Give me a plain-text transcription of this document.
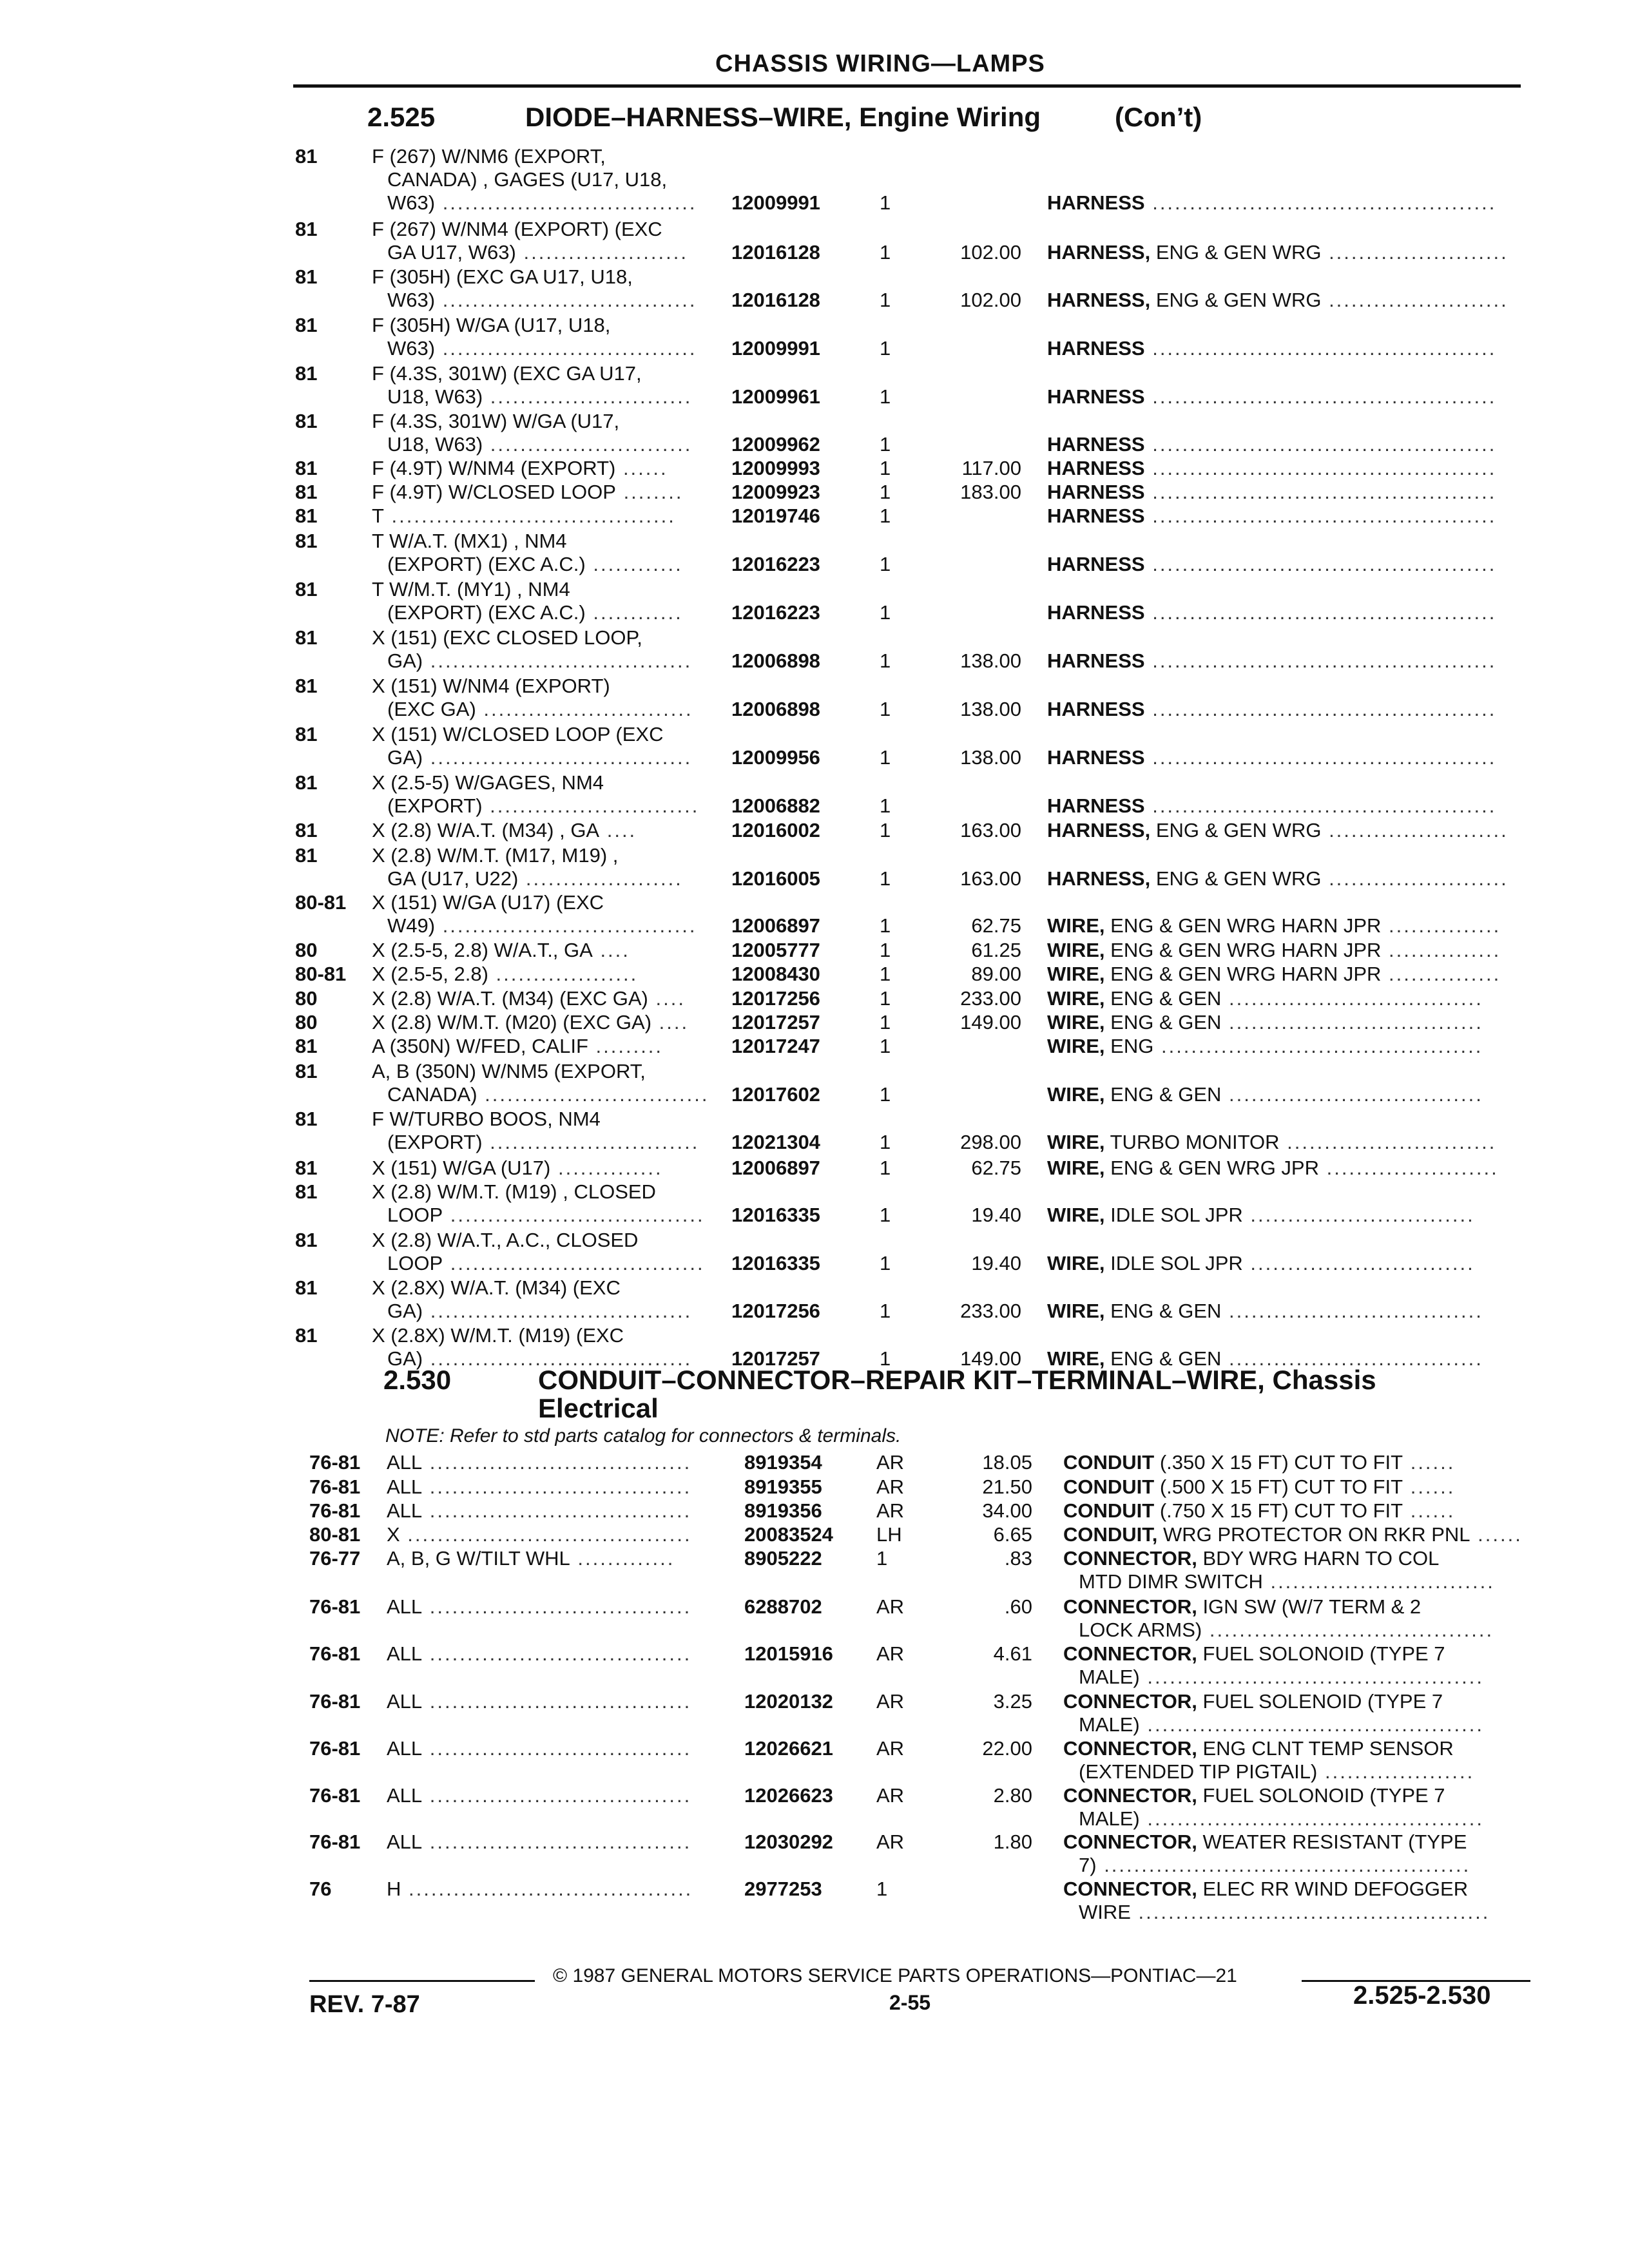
CHASSIS WIRING—LAMPS
2.525	DIODE–HARNESS–WIRE, Engine Wiring	(Con’t)
81	F (267) W/NM6 (EXPORT,
CANADA) , GAGES (U17, U18,
W63) .................................. 12009991	1	HARNESS ..............................................
81	F (267) W/NM4 (EXPORT) (EXC
GA U17, W63) ...................... 12016128	1	102.00 HARNESS, ENG & GEN WRG ........................
81	F (305H) (EXC GA U17, U18,
W63) .................................. 12016128	1	102.00 HARNESS, ENG & GEN WRG ........................
81	F (305H) W/GA (U17, U18,
W63) .................................. 12009991	1	HARNESS ..............................................
81	F (4.3S, 301W) (EXC GA U17,
U18, W63) ........................... 12009961	1	HARNESS ..............................................
81	F (4.3S, 301W) W/GA (U17,
U18, W63) ........................... 12009962	1	HARNESS ..............................................
81	F (4.9T) W/NM4 (EXPORT) ......	12009993	1	117.00 HARNESS ..............................................
81	F (4.9T) W/CLOSED LOOP ........ 12009923	1	183.00 HARNESS ..............................................
81	T ......................................	12019746	1	HARNESS ..............................................
81	T W/A.T. (MX1) , NM4
(EXPORT) (EXC A.C.) ............ 12016223	1	HARNESS ..............................................
81	T W/M.T. (MY1) , NM4
(EXPORT) (EXC A.C.) ............ 12016223	1	HARNESS ..............................................
81	X (151) (EXC CLOSED LOOP,
GA) ................................... 12006898	1	138.00 HARNESS ..............................................
81	X (151) W/NM4 (EXPORT)
(EXC GA) ............................ 12006898	1	138.00 HARNESS ..............................................
81	X (151) W/CLOSED LOOP (EXC
GA) ................................... 12009956	1	138.00 HARNESS ..............................................
81	X (2.5-5) W/GAGES, NM4
(EXPORT) ............................ 12006882	1	HARNESS ..............................................
81	X (2.8) W/A.T. (M34) , GA ....	12016002	1	163.00 HARNESS, ENG & GEN WRG ........................
81	X (2.8) W/M.T. (M17, M19) ,
GA (U17, U22) ..................... 12016005	1	163.00 HARNESS, ENG & GEN WRG ........................
80-81 X (151) W/GA (U17) (EXC
W49) .................................. 12006897	1	62.75 WIRE, ENG & GEN WRG HARN JPR ...............
80	X (2.5-5, 2.8) W/A.T., GA ....	12005777	1	61.25 WIRE, ENG & GEN WRG HARN JPR ...............
80-81 X (2.5-5, 2.8) ...................	12008430	1	89.00 WIRE, ENG & GEN WRG HARN JPR ...............
80	X (2.8) W/A.T. (M34) (EXC GA) .... 12017256	1	233.00 WIRE, ENG & GEN ..................................
80	X (2.8) W/M.T. (M20) (EXC GA) .... 12017257	1	149.00 WIRE, ENG & GEN ..................................
81	A (350N) W/FED, CALIF .........	12017247	1	WIRE, ENG ...........................................
81	A, B (350N) W/NM5 (EXPORT,
CANADA) .............................. 12017602	1	WIRE, ENG & GEN ..................................
81	F W/TURBO BOOS, NM4
(EXPORT) ............................ 12021304	1	298.00 WIRE, TURBO MONITOR ............................
81	X (151) W/GA (U17) ..............	12006897	1	62.75 WIRE, ENG & GEN WRG JPR .......................
81	X (2.8) W/M.T. (M19) , CLOSED
LOOP .................................. 12016335	1	19.40 WIRE, IDLE SOL JPR ..............................
81	X (2.8) W/A.T., A.C., CLOSED
LOOP .................................. 12016335	1	19.40 WIRE, IDLE SOL JPR ..............................
81	X (2.8X) W/A.T. (M34) (EXC
GA) ................................... 12017256	1	233.00 WIRE, ENG & GEN ..................................
81	X (2.8X) W/M.T. (M19) (EXC
GA) ................................... 12017257	1	149.00 WIRE, ENG & GEN ..................................
2.530	CONDUIT–CONNECTOR–REPAIR KIT–TERMINAL–WIRE, Chassis
Electrical
NOTE: Refer to std parts catalog for connectors & terminals.
76-81 ALL ...................................	8919354	AR	18.05 CONDUIT (.350 X 15 FT) CUT TO FIT ......
76-81 ALL ...................................	8919355	AR	21.50 CONDUIT (.500 X 15 FT) CUT TO FIT ......
76-81 ALL ...................................	8919356	AR	34.00 CONDUIT (.750 X 15 FT) CUT TO FIT ......
80-81 X ......................................	20083524 LH	6.65 CONDUIT, WRG PROTECTOR ON RKR PNL ......
76-77 A, B, G W/TILT WHL .............	8905222	1	.83 CONNECTOR, BDY WRG HARN TO COL
MTD DIMR SWITCH ..............................
76-81 ALL ...................................	6288702	AR	.60 CONNECTOR, IGN SW (W/7 TERM & 2
LOCK ARMS) ......................................
76-81 ALL ...................................	12015916 AR	4.61 CONNECTOR, FUEL SOLONOID (TYPE 7
MALE) .............................................
76-81 ALL ...................................	12020132 AR	3.25 CONNECTOR, FUEL SOLENOID (TYPE 7
MALE) .............................................
76-81 ALL ...................................	12026621 AR	22.00 CONNECTOR, ENG CLNT TEMP SENSOR
(EXTENDED TIP PIGTAIL) ....................
76-81 ALL ...................................	12026623 AR	2.80 CONNECTOR, FUEL SOLONOID (TYPE 7
MALE) .............................................
76-81 ALL ...................................	12030292 AR	1.80 CONNECTOR, WEATER RESISTANT (TYPE
7) .................................................
76	H ......................................	2977253	1	CONNECTOR, ELEC RR WIND DEFOGGER
WIRE ...............................................
© 1987 GENERAL MOTORS SERVICE PARTS OPERATIONS—PONTIAC—21
REV. 7-87	2-55	2.525-2.530
